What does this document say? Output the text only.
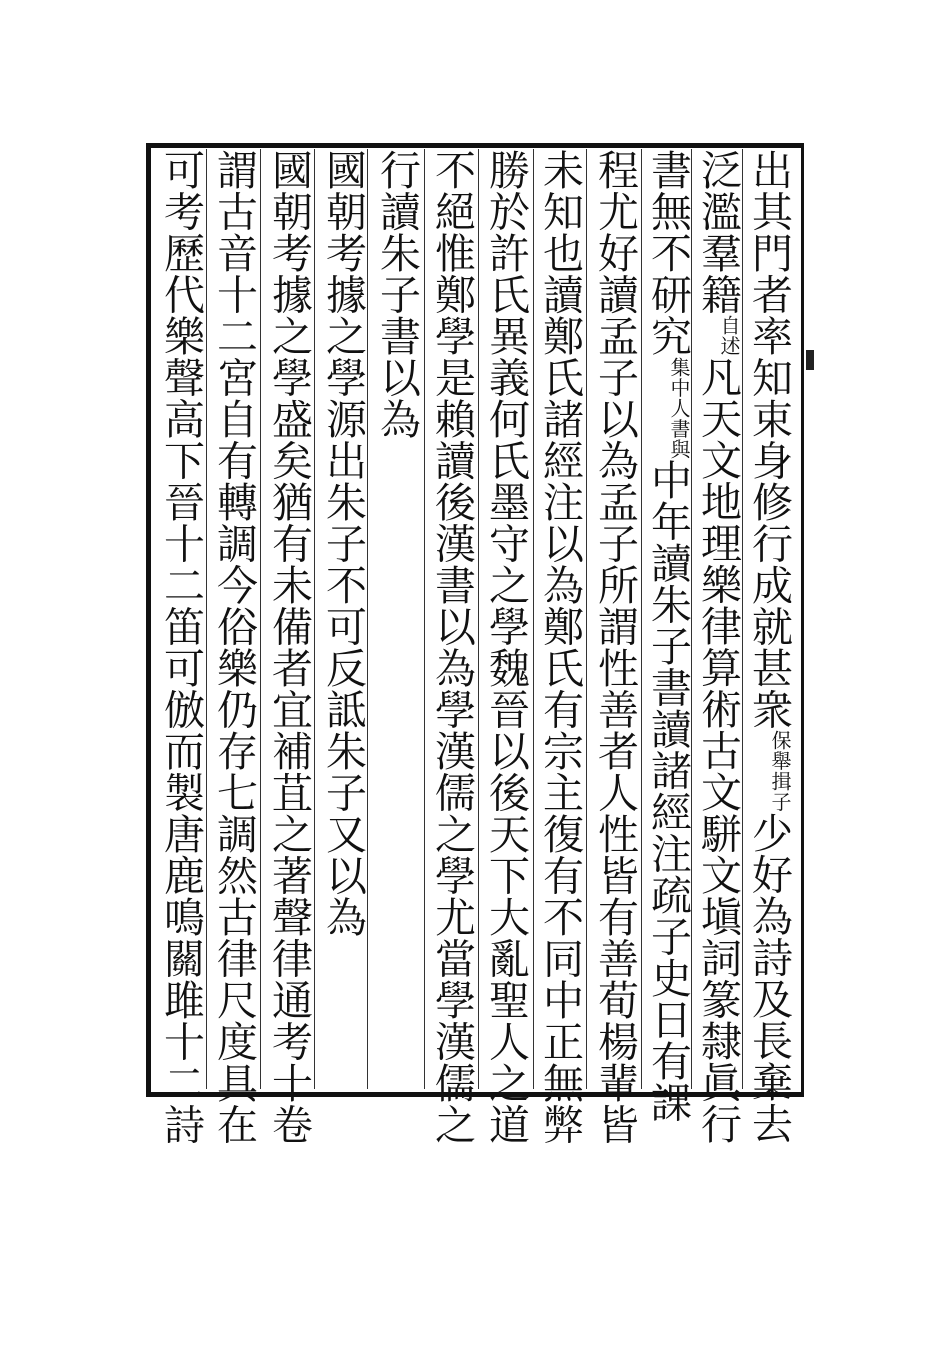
出其門者率知束身修行成就甚衆保舉揖子少好為詩及長棄去
泛濫羣籍自述凡天文地理樂律算術古文駢文塡詞篆隸眞行
書無不研究集中人書與中年讀朱子書讀諸經注疏子史日有課
程尤好讀孟子以為孟子所謂性善者人性皆有善荀楊輩皆
未知也讀鄭氏諸經注以為鄭氏有宗主復有不同中正無弊
勝於許氏異義何氏墨守之學魏晉以後天下大亂聖人之道
不絕惟鄭學是賴讀後漢書以為學漢儒之學尤當學漢儒之
行讀朱子書以為
國朝考據之學源出朱子不可反詆朱子又以為
國朝考據之學盛矣猶有未備者宜補苴之著聲律通考十卷
謂古音十二宮自有轉調今俗樂仍存七調然古律尺度具在
可考歷代樂聲高下晉十二笛可倣而製唐鹿鳴關雎十二詩
